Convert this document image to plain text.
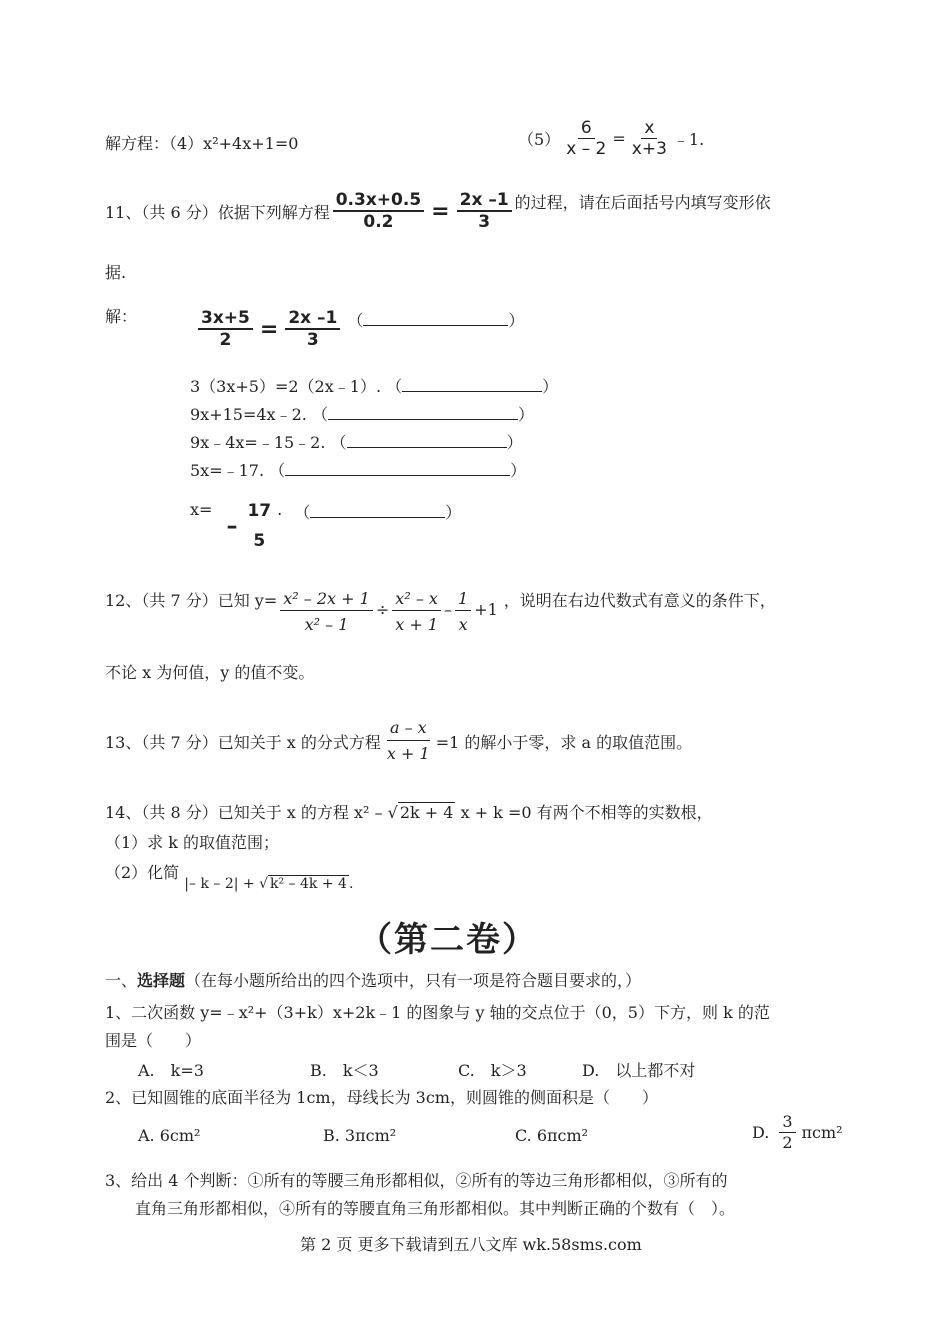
解方程：（4）x²+4x+1=0	$(5) \frac{6}{x - 2} = \frac{x}{x+3}$ ﹣1.
11、（共 6 分）依据下列解方程 $\frac{0.3x+0.5}{0.2} = \frac{2x -1}{3}$ 的过程，请在后面括号内填写变形依
据.
解：	$\frac{3x+5}{2} = \frac{2x -1}{3}$ （	）
3（3x+5）=2（2x﹣1）. （	）
9x+15=4x﹣2. （	）
9x﹣4x=﹣15﹣2. （	）
5x=﹣17. （	）
x=
–
17
5
. （	）
12、（共 7 分）已知 $y= \frac{\text{x² – 2x + 1}}{\text{x² – 1}} \div \frac{\text{x² – x}}{x + 1} - \frac{1}{x} +1$ ，说明在右边代数式有意义的条件下，
不论 x 为何值，y 的值不变。
13、（共 7 分）已知关于 x 的分式方程 $\frac{a - x}{x + 1} =1$ 的解小于零，求 a 的取值范围。
14、（共 8 分）已知关于 x 的方程 x² – √ 2k + 4 x + k =0 有两个不相等的实数根，
（1）求 k 的取值范围；
（2）化简 |– k – 2| + √ k² – 4k + 4 .
（第二卷）
一、选择题（在每小题所给出的四个选项中，只有一项是符合题目要求的，）
1、二次函数 y=﹣x²+（3+k）x+2k﹣1 的图象与 y 轴的交点位于（0，5）下方，则 k 的范
围是（　　）
A.　k=3	B.　k＜3	C.　k＞3	D.　以上都不对
2、已知圆锥的底面半径为 1cm，母线长为 3cm，则圆锥的侧面积是（　　）
A. 6cm²	B. 3πcm²	C. 6πcm²	D. $\frac{3}{2} \pi cm^2$
3、给出 4 个判断：①所有的等腰三角形都相似，②所有的等边三角形都相似，③所有的
直角三角形都相似，④所有的等腰直角三角形都相似。其中判断正确的个数有（　）。
第 2 页 更多下载请到五八文库 wk.58sms.com
